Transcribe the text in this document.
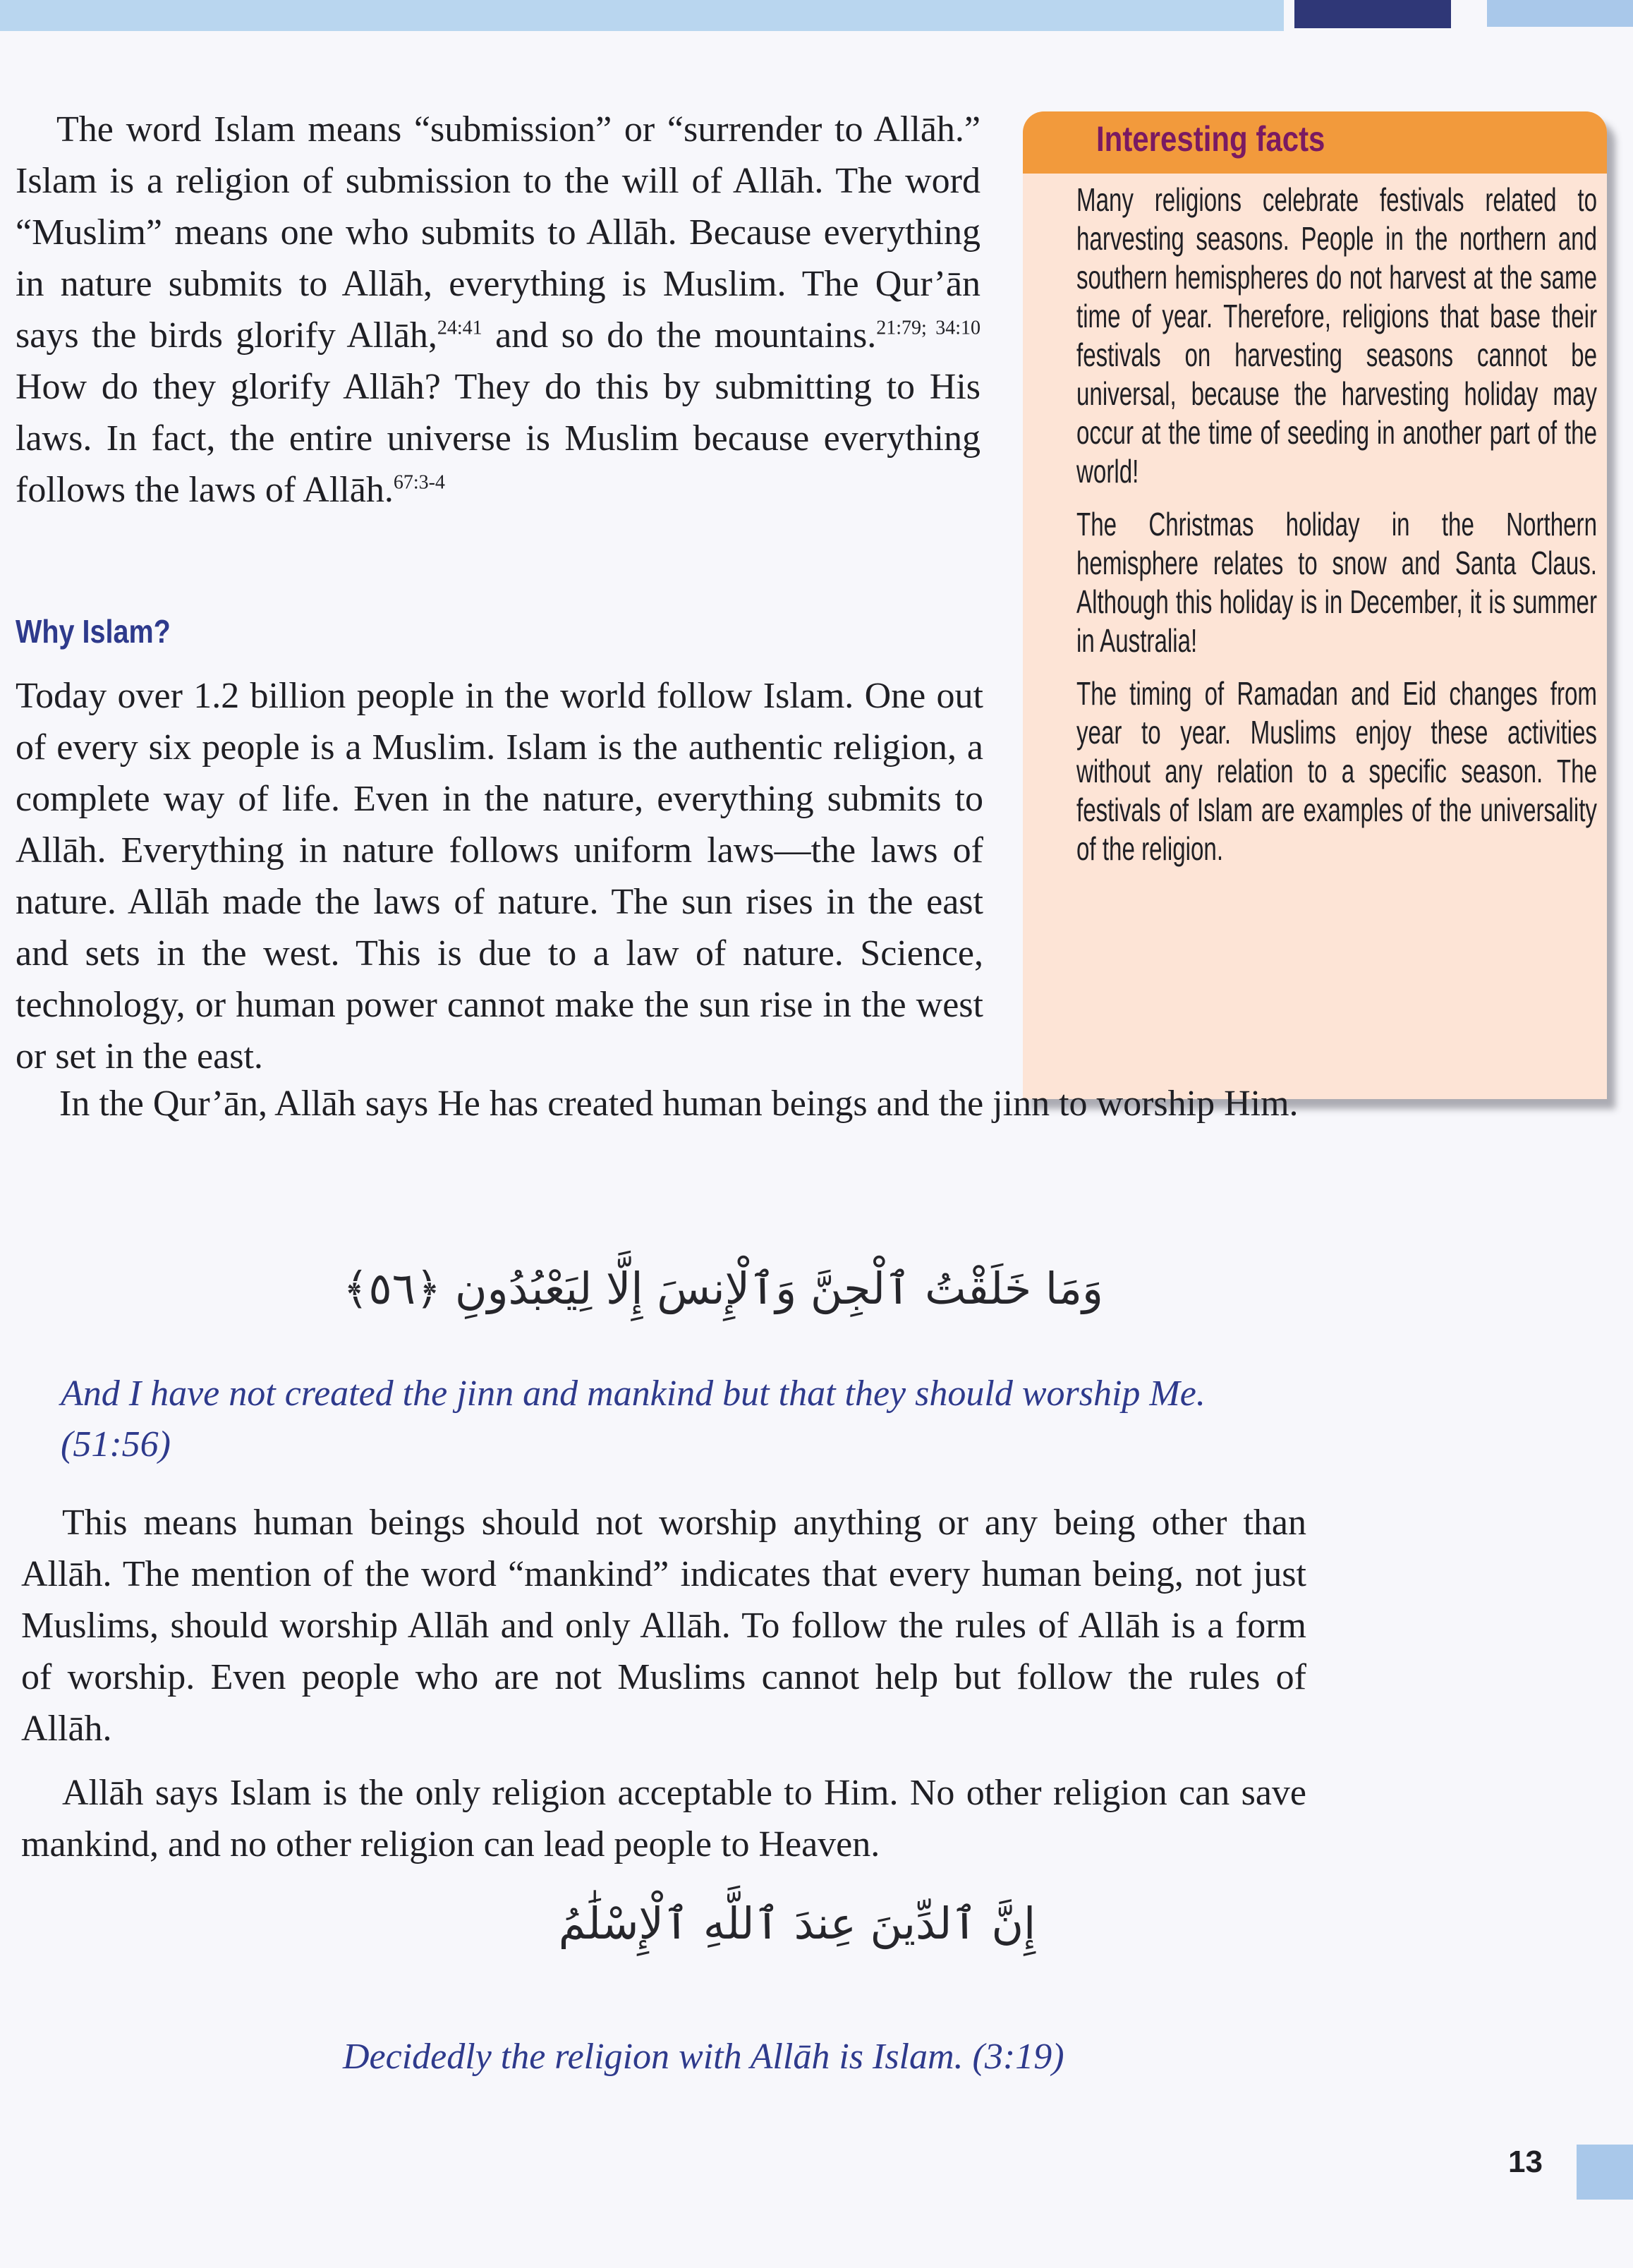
The word Islam means “submission” or “surrender to Allāh.” Islam is a religion of submission to the will of Allāh. The word “Muslim” means one who submits to Allāh. Because everything in nature submits to Allāh, everything is Muslim. The Qur’ān says the birds glorify Allāh,$^{24:41}$ and so do the mountains.$^{21:79; 34:10}$ How do they glorify Allāh? They do this by submitting to His laws. In fact, the entire universe is Muslim because everything follows the laws of Allāh.$^{67:3-4}$

Why Islam?

Today over 1.2 billion people in the world follow Islam. One out of every six people is a Muslim. Islam is the authentic religion, a complete way of life. Even in the nature, everything submits to Allāh. Everything in nature follows uniform laws—the laws of nature. Allāh made the laws of nature. The sun rises in the east and sets in the west. This is due to a law of nature. Science, technology, or human power cannot make the sun rise in the west or set in the east.

Interesting facts

Many religions celebrate festivals related to harvesting seasons. People in the northern and southern hemispheres do not harvest at the same time of year. Therefore, religions that base their festivals on harvesting seasons cannot be universal, because the harvesting holiday may occur at the time of seeding in another part of the world!

The Christmas holiday in the Northern hemisphere relates to snow and Santa Claus. Although this holiday is in December, it is summer in Australia!

The timing of Ramadan and Eid changes from year to year. Muslims enjoy these activities without any relation to a specific season. The festivals of Islam are examples of the universality of the religion.

In the Qur’ān, Allāh says He has created human beings and the jinn to worship Him.

وَمَا خَلَقْتُ ٱلْجِنَّ وَٱلْإِنسَ إِلَّا لِيَعْبُدُونِ ﴿٥٦﴾

And I have not created the jinn and mankind but that they should worship Me. (51:56)

This means human beings should not worship anything or any being other than Allāh. The mention of the word “mankind” indicates that every human being, not just Muslims, should worship Allāh and only Allāh. To follow the rules of Allāh is a form of worship. Even people who are not Muslims cannot help but follow the rules of Allāh.

Allāh says Islam is the only religion acceptable to Him. No other religion can save mankind, and no other religion can lead people to Heaven.

إِنَّ ٱلدِّينَ عِندَ ٱللَّهِ ٱلْإِسْلَٰمُ

Decidedly the religion with Allāh is Islam. (3:19)

13
